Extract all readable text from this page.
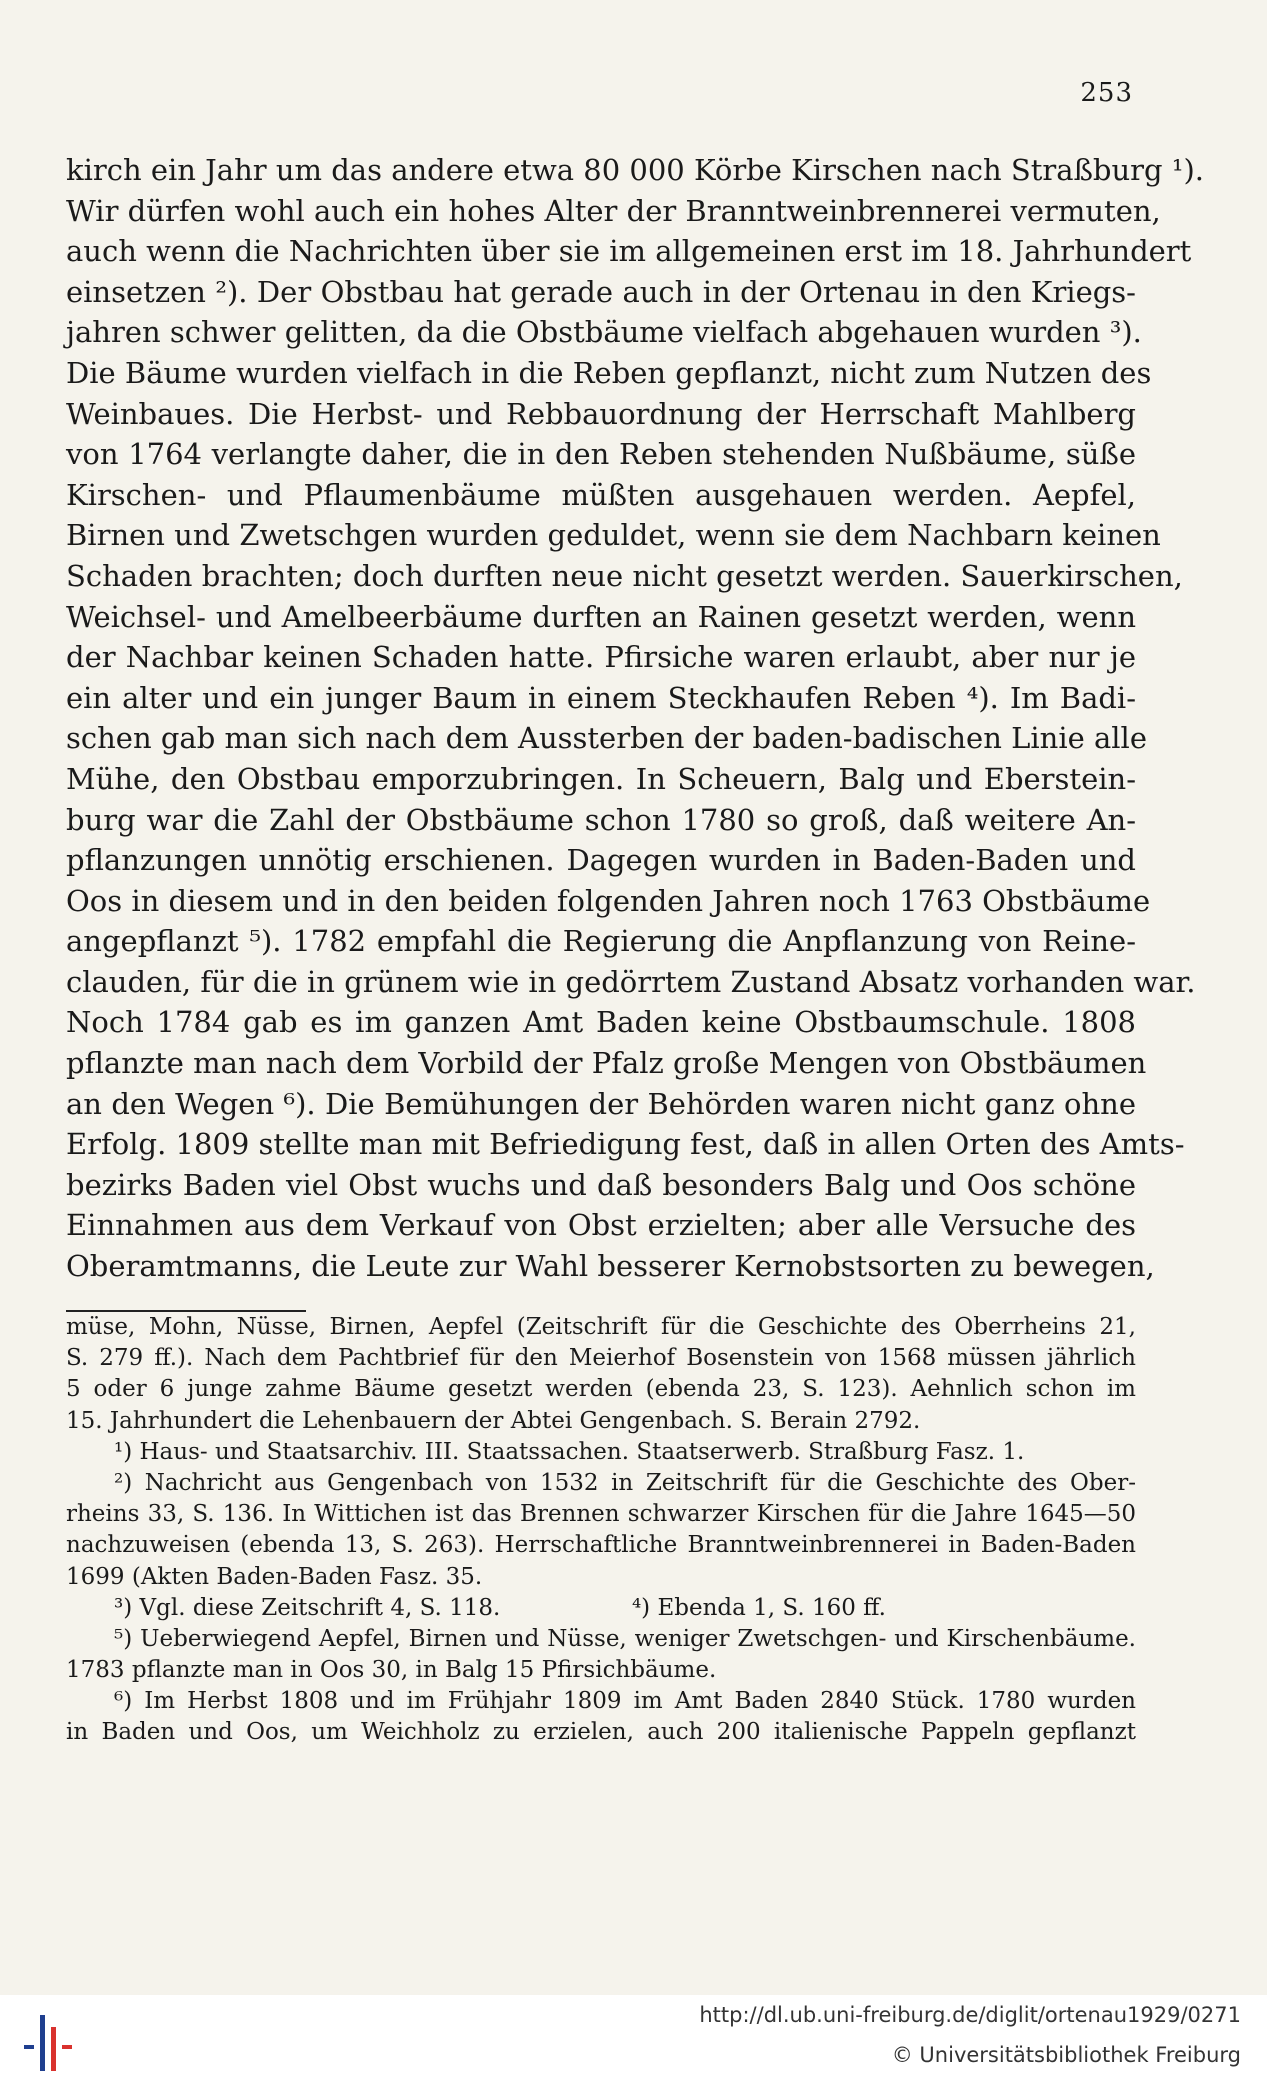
253
kirch ein Jahr um das andere etwa 80 000 Körbe Kirschen nach Straßburg ¹).
Wir dürfen wohl auch ein hohes Alter der Branntweinbrennerei vermuten,
auch wenn die Nachrichten über sie im allgemeinen erst im 18. Jahrhundert
einsetzen ²). Der Obstbau hat gerade auch in der Ortenau in den Kriegs-
jahren schwer gelitten, da die Obstbäume vielfach abgehauen wurden ³).
Die Bäume wurden vielfach in die Reben gepflanzt, nicht zum Nutzen des
Weinbaues. Die Herbst- und Rebbauordnung der Herrschaft Mahlberg
von 1764 verlangte daher, die in den Reben stehenden Nußbäume, süße
Kirschen- und Pflaumenbäume müßten ausgehauen werden. Aepfel,
Birnen und Zwetschgen wurden geduldet, wenn sie dem Nachbarn keinen
Schaden brachten; doch durften neue nicht gesetzt werden. Sauerkirschen,
Weichsel- und Amelbeerbäume durften an Rainen gesetzt werden, wenn
der Nachbar keinen Schaden hatte. Pfirsiche waren erlaubt, aber nur je
ein alter und ein junger Baum in einem Steckhaufen Reben ⁴). Im Badi-
schen gab man sich nach dem Aussterben der baden-badischen Linie alle
Mühe, den Obstbau emporzubringen. In Scheuern, Balg und Eberstein-
burg war die Zahl der Obstbäume schon 1780 so groß, daß weitere An-
pflanzungen unnötig erschienen. Dagegen wurden in Baden-Baden und
Oos in diesem und in den beiden folgenden Jahren noch 1763 Obstbäume
angepflanzt ⁵). 1782 empfahl die Regierung die Anpflanzung von Reine-
clauden, für die in grünem wie in gedörrtem Zustand Absatz vorhanden war.
Noch 1784 gab es im ganzen Amt Baden keine Obstbaumschule. 1808
pflanzte man nach dem Vorbild der Pfalz große Mengen von Obstbäumen
an den Wegen ⁶). Die Bemühungen der Behörden waren nicht ganz ohne
Erfolg. 1809 stellte man mit Befriedigung fest, daß in allen Orten des Amts-
bezirks Baden viel Obst wuchs und daß besonders Balg und Oos schöne
Einnahmen aus dem Verkauf von Obst erzielten; aber alle Versuche des
Oberamtmanns, die Leute zur Wahl besserer Kernobstsorten zu bewegen,
müse, Mohn, Nüsse, Birnen, Aepfel (Zeitschrift für die Geschichte des Oberrheins 21,
S. 279 ff.). Nach dem Pachtbrief für den Meierhof Bosenstein von 1568 müssen jährlich
5 oder 6 junge zahme Bäume gesetzt werden (ebenda 23, S. 123). Aehnlich schon im
15. Jahrhundert die Lehenbauern der Abtei Gengenbach. S. Berain 2792.
¹) Haus- und Staatsarchiv. III. Staatssachen. Staatserwerb. Straßburg Fasz. 1.
²) Nachricht aus Gengenbach von 1532 in Zeitschrift für die Geschichte des Ober-
rheins 33, S. 136. In Wittichen ist das Brennen schwarzer Kirschen für die Jahre 1645—50
nachzuweisen (ebenda 13, S. 263). Herrschaftliche Branntweinbrennerei in Baden-Baden
1699 (Akten Baden-Baden Fasz. 35.
³) Vgl. diese Zeitschrift 4, S. 118.	⁴) Ebenda 1, S. 160 ff.
⁵) Ueberwiegend Aepfel, Birnen und Nüsse, weniger Zwetschgen- und Kirschenbäume.
1783 pflanzte man in Oos 30, in Balg 15 Pfirsichbäume.
⁶) Im Herbst 1808 und im Frühjahr 1809 im Amt Baden 2840 Stück. 1780 wurden
in Baden und Oos, um Weichholz zu erzielen, auch 200 italienische Pappeln gepflanzt
http://dl.ub.uni-freiburg.de/diglit/ortenau1929/0271
© Universitätsbibliothek Freiburg
